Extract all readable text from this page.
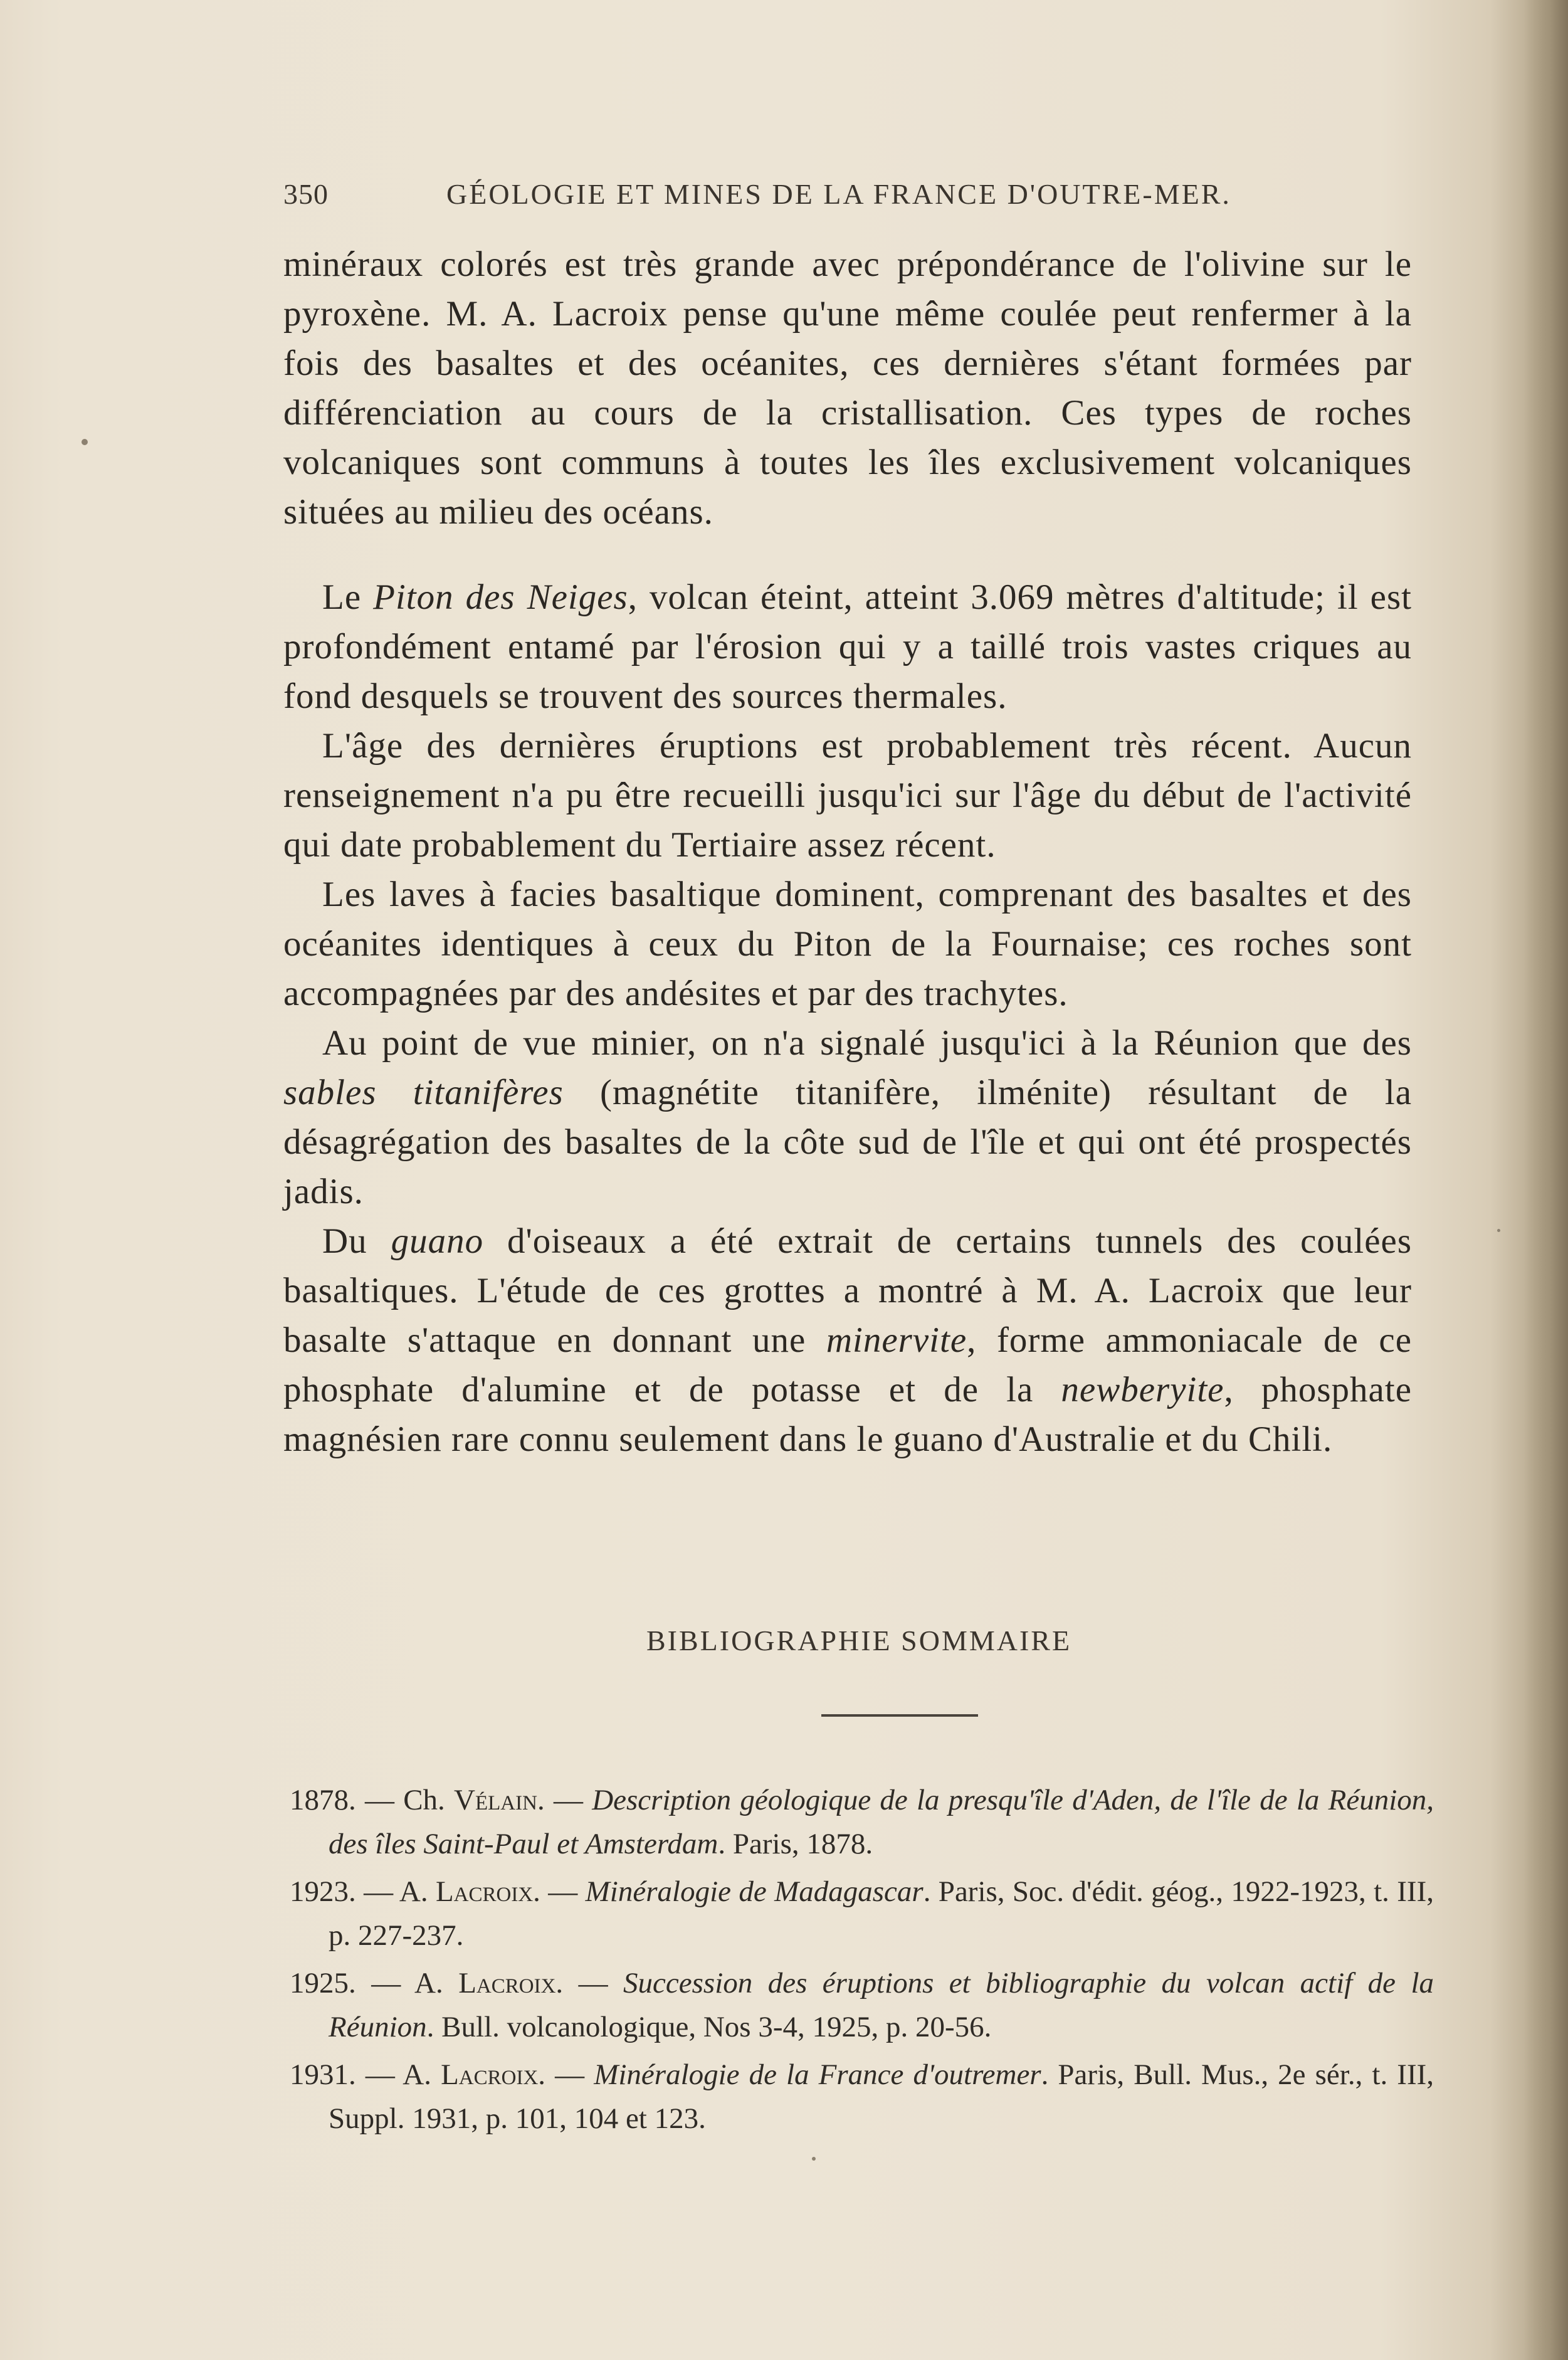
350	GÉOLOGIE ET MINES DE LA FRANCE D'OUTRE-MER.

minéraux colorés est très grande avec prépondérance de l'olivine sur le pyroxène. M. A. Lacroix pense qu'une même coulée peut renfermer à la fois des basaltes et des océanites, ces dernières s'étant formées par différenciation au cours de la cristallisation. Ces types de roches volcaniques sont communs à toutes les îles exclusivement volcaniques situées au milieu des océans.

Le Piton des Neiges, volcan éteint, atteint 3.069 mètres d'altitude; il est profondément entamé par l'érosion qui y a taillé trois vastes criques au fond desquels se trouvent des sources thermales.

L'âge des dernières éruptions est probablement très récent. Aucun renseignement n'a pu être recueilli jusqu'ici sur l'âge du début de l'activité qui date probablement du Tertiaire assez récent.

Les laves à facies basaltique dominent, comprenant des basaltes et des océanites identiques à ceux du Piton de la Fournaise; ces roches sont accompagnées par des andésites et par des trachytes.

Au point de vue minier, on n'a signalé jusqu'ici à la Réunion que des sables titanifères (magnétite titanifère, ilménite) résultant de la désagrégation des basaltes de la côte sud de l'île et qui ont été prospectés jadis.

Du guano d'oiseaux a été extrait de certains tunnels des coulées basaltiques. L'étude de ces grottes a montré à M. A. Lacroix que leur basalte s'attaque en donnant une minervite, forme ammoniacale de ce phosphate d'alumine et de potasse et de la newberyite, phosphate magnésien rare connu seulement dans le guano d'Australie et du Chili.

BIBLIOGRAPHIE SOMMAIRE

1878. — Ch. Vélain. — Description géologique de la presqu'île d'Aden, de l'île de la Réunion, des îles Saint-Paul et Amsterdam. Paris, 1878.

1923. — A. Lacroix. — Minéralogie de Madagascar. Paris, Soc. d'édit. géog., 1922-1923, t. III, p. 227-237.

1925. — A. Lacroix. — Succession des éruptions et bibliographie du volcan actif de la Réunion. Bull. volcanologique, Nos 3-4, 1925, p. 20-56.

1931. — A. Lacroix. — Minéralogie de la France d'outremer. Paris, Bull. Mus., 2e sér., t. III, Suppl. 1931, p. 101, 104 et 123.
